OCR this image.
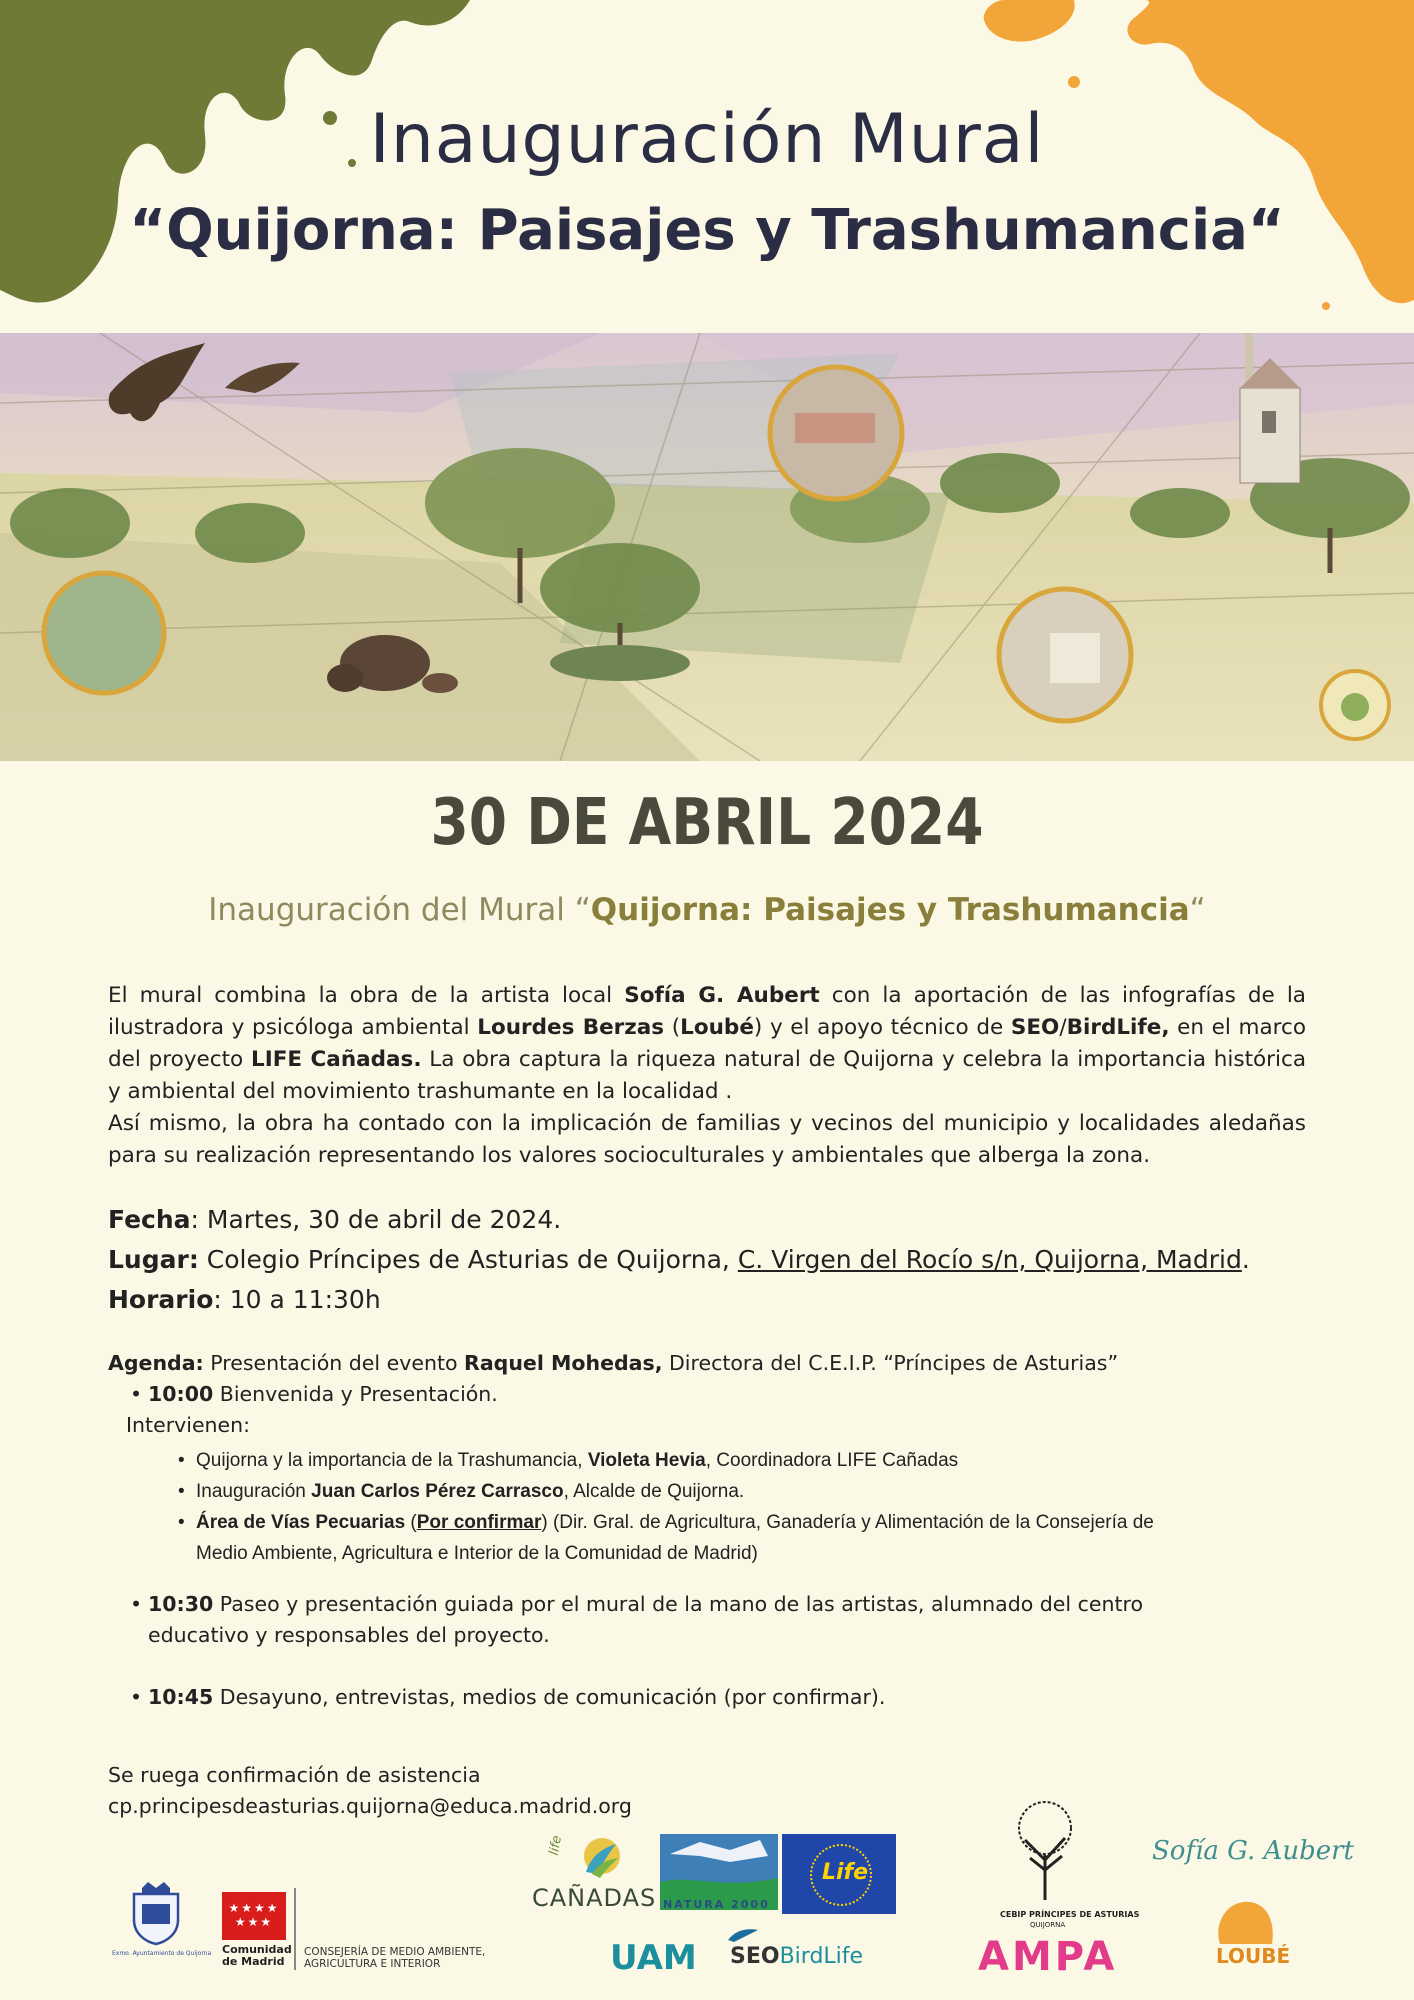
Inauguración Mural
“Quijorna: Paisajes y Trashumancia“
30 DE ABRIL 2024
Inauguración del Mural “Quijorna: Paisajes y Trashumancia“

El mural combina la obra de la artista local Sofía G. Aubert con la aportación de las infografías de la ilustradora y psicóloga ambiental Lourdes Berzas (Loubé) y el apoyo técnico de SEO/BirdLife, en el marco del proyecto LIFE Cañadas. La obra captura la riqueza natural de Quijorna y celebra la importancia histórica y ambiental del movimiento trashumante en la localidad .

Así mismo, la obra ha contado con la implicación de familias y vecinos del municipio y localidades aledañas para su realización representando los valores socioculturales y ambientales que alberga la zona.

Fecha: Martes, 30 de abril de 2024.
Lugar: Colegio Príncipes de Asturias de Quijorna, C. Virgen del Rocío s/n, Quijorna, Madrid.
Horario: 10 a 11:30h
Agenda: Presentación del evento Raquel Mohedas, Directora del C.E.I.P. “Príncipes de Asturias”
• 10:00 Bienvenida y Presentación.
Intervienen:
• Quijorna y la importancia de la Trashumancia, Violeta Hevia, Coordinadora LIFE Cañadas
• Inauguración Juan Carlos Pérez Carrasco, Alcalde de Quijorna.
• Área de Vías Pecuarias (Por confirmar) (Dir. Gral. de Agricultura, Ganadería y Alimentación de la Consejería de
Medio Ambiente, Agricultura e Interior de la Comunidad de Madrid)
• 10:30 Paseo y presentación guiada por el mural de la mano de las artistas, alumnado del centro
educativo y responsables del proyecto.
• 10:45 Desayuno, entrevistas, medios de comunicación (por confirmar).
Se ruega confirmación de asistencia
cp.principesdeasturias.quijorna@educa.madrid.org
Exmo. Ayuntamiento de Quijorna
★★★★
★★★
Comunidad
de Madrid
CONSEJERÍA DE MEDIO AMBIENTE,
AGRICULTURA E INTERIOR
life
CAÑADAS NATURA 2000
Life
UAM SEOBirdLife
CEBIP PRÍNCIPES DE ASTURIAS
QUIJORNA
AMPA
Sofía G. Aubert
LOUBÉ
